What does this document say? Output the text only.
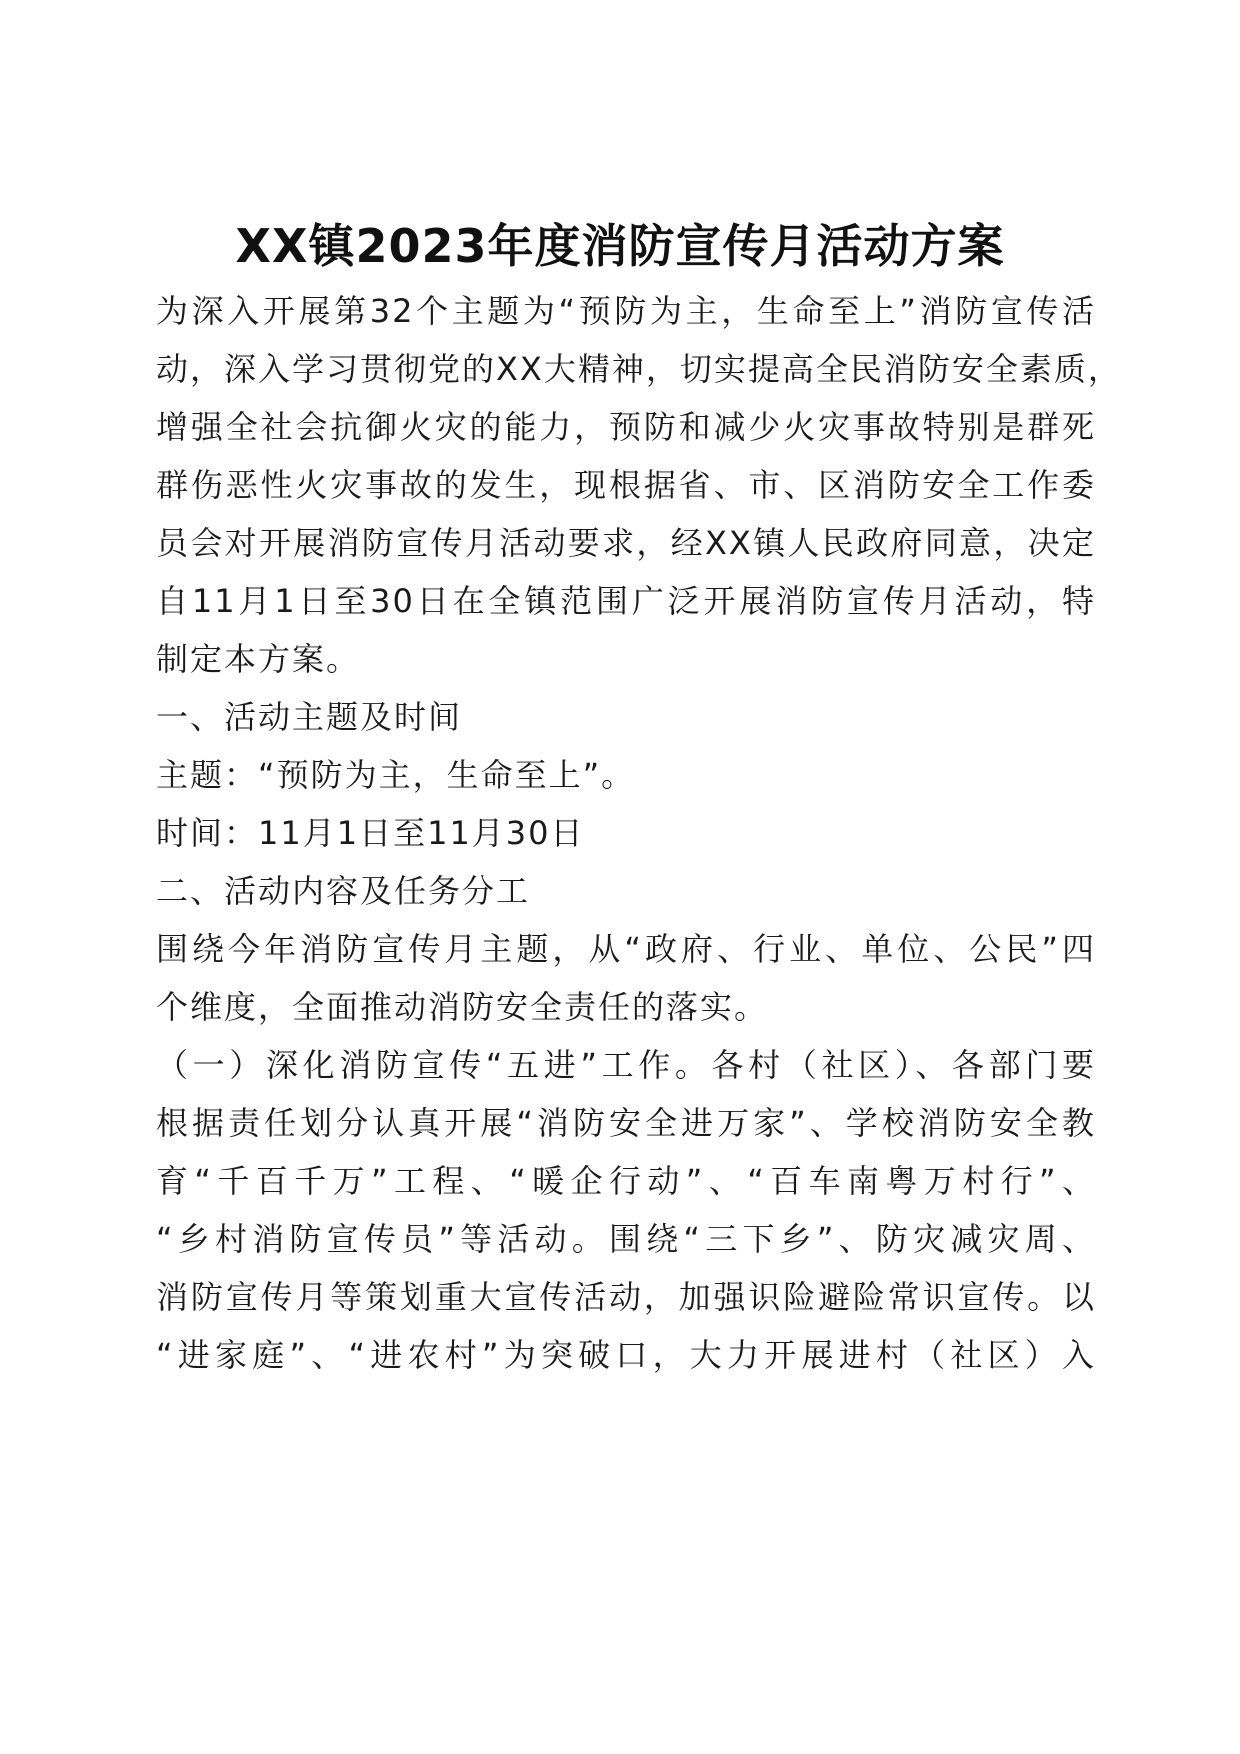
XX镇2023年度消防宣传月活动方案
为深入开展第32个主题为“预防为主，生命至上”消防宣传活
动，深入学习贯彻党的XX大精神，切实提高全民消防安全素质，
增强全社会抗御火灾的能力，预防和减少火灾事故特别是群死
群伤恶性火灾事故的发生，现根据省、市、区消防安全工作委
员会对开展消防宣传月活动要求，经XX镇人民政府同意，决定
自11月1日至30日在全镇范围广泛开展消防宣传月活动，特
制定本方案。
一、活动主题及时间
主题：“预防为主，生命至上”。
时间：11月1日至11月30日
二、活动内容及任务分工
围绕今年消防宣传月主题，从“政府、行业、单位、公民”四
个维度，全面推动消防安全责任的落实。
（一）深化消防宣传“五进”工作。各村（社区）、各部门要
根据责任划分认真开展“消防安全进万家”、学校消防安全教
育“千百千万”工程、“暖企行动”、“百车南粤万村行”、
“乡村消防宣传员”等活动。围绕“三下乡”、防灾减灾周、
消防宣传月等策划重大宣传活动，加强识险避险常识宣传。以
“进家庭”、“进农村”为突破口，大力开展进村（社区）入
